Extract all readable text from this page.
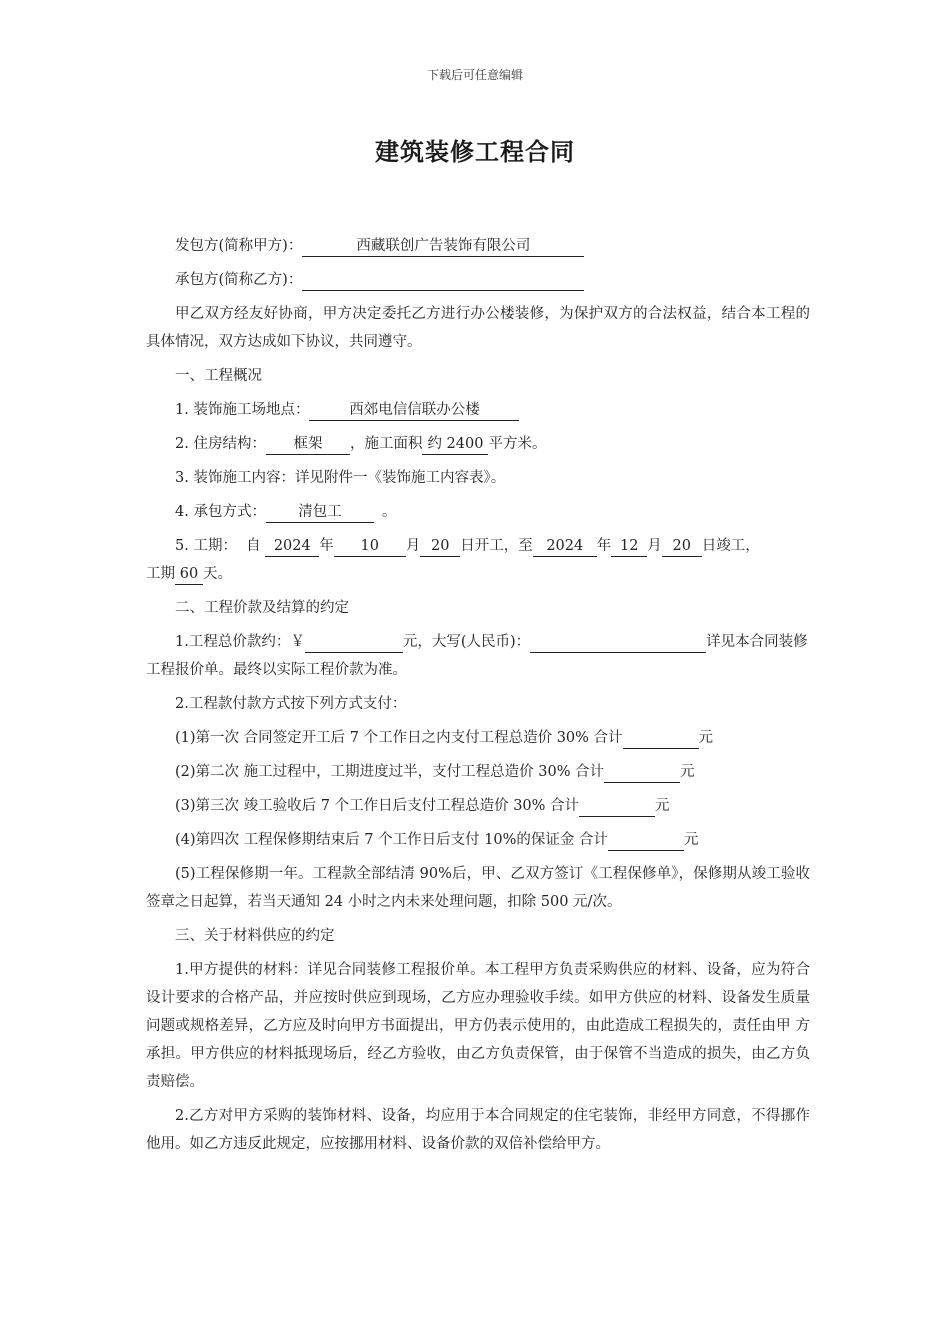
下载后可任意编辑
建筑装修工程合同

发包方(简称甲方)：	西藏联创广告装饰有限公司

承包方(简称乙方)：

甲乙双方经友好协商，甲方决定委托乙方进行办公楼装修，为保护双方的合法权益，结合本工程的具体情况，双方达成如下协议，共同遵守。

一、工程概况

1. 装饰施工场地点：	西郊电信信联办公楼

2. 住房结构： 框架 ，施工面积 约 2400 平方米。

3. 装饰施工内容：详见附件一《装饰施工内容表》。

4. 承包方式： 清包工	。

5. 工期：  自 2024 年 10 月 20 日开工，至 2024 年 12 月 20 日竣工，

工期 60 天。

二、工程价款及结算的约定

1.工程总价款约：￥	元，大写(人民币)：	详见本合同装修工程报价单。最终以实际工程价款为准。

2.工程款付款方式按下列方式支付：

(1)第一次 合同签定开工后 7 个工作日之内支付工程总造价 30% 合计	元

(2)第二次 施工过程中，工期进度过半，支付工程总造价 30% 合计	元

(3)第三次 竣工验收后 7 个工作日后支付工程总造价 30% 合计	元

(4)第四次 工程保修期结束后 7 个工作日后支付 10%的保证金 合计	元

(5)工程保修期一年。工程款全部结清 90%后，甲、乙双方签订《工程保修单》，保修期从竣工验收签章之日起算，若当天通知 24 小时之内未来处理问题，扣除 500 元/次。

三、关于材料供应的约定

1.甲方提供的材料：详见合同装修工程报价单。本工程甲方负责采购供应的材料、设备，应为符合设计要求的合格产品，并应按时供应到现场，乙方应办理验收手续。如甲方供应的材料、设备发生质量问题或规格差异，乙方应及时向甲方书面提出，甲方仍表示使用的，由此造成工程损失的，责任由甲 方承担。甲方供应的材料抵现场后，经乙方验收，由乙方负责保管，由于保管不当造成的损失，由乙方负责赔偿。

2.乙方对甲方采购的装饰材料、设备，均应用于本合同规定的住宅装饰，非经甲方同意，不得挪作他用。如乙方违反此规定，应按挪用材料、设备价款的双倍补偿给甲方。
